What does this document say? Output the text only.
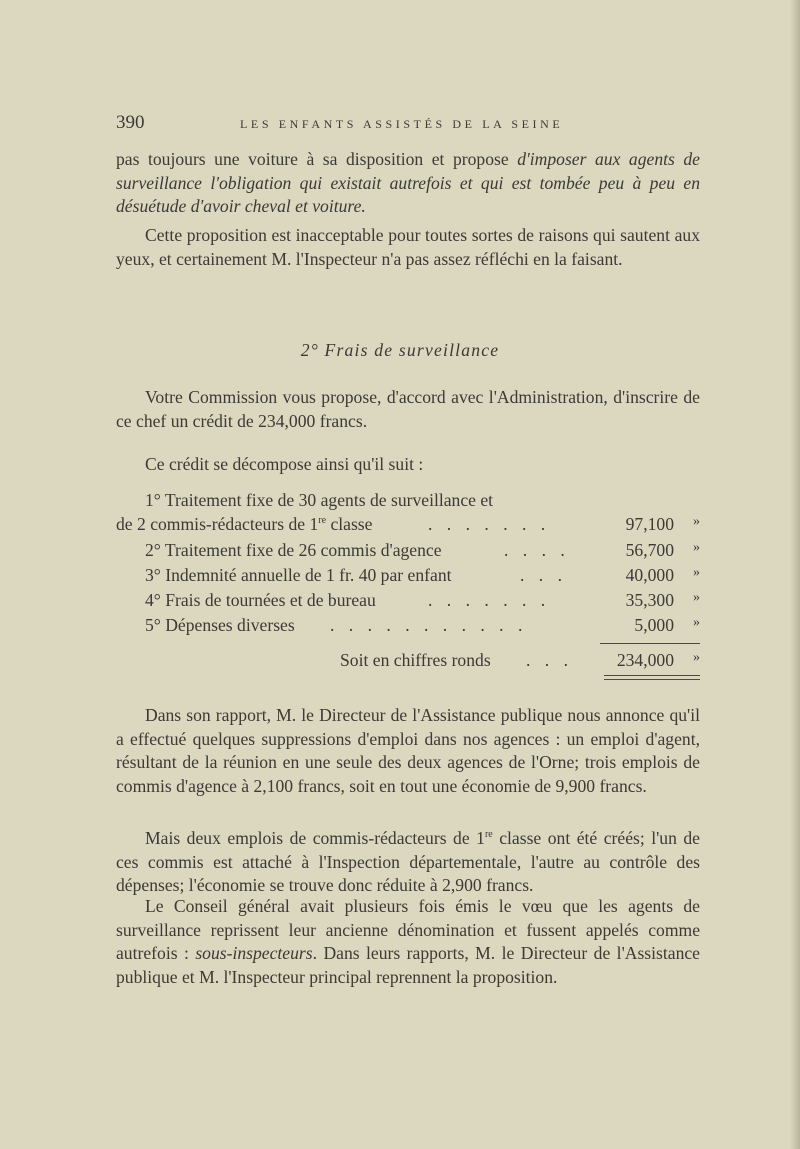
390	LES ENFANTS ASSISTÉS DE LA SEINE
pas toujours une voiture à sa disposition et propose d'imposer aux agents de surveillance l'obligation qui existait autrefois et qui est tombée peu à peu en désuétude d'avoir cheval et voiture.
Cette proposition est inacceptable pour toutes sortes de raisons qui sautent aux yeux, et certainement M. l'Inspecteur n'a pas assez réfléchi en la faisant.
2° Frais de surveillance
Votre Commission vous propose, d'accord avec l'Administration, d'inscrire de ce chef un crédit de 234,000 francs.
Ce crédit se décompose ainsi qu'il suit :
1° Traitement fixe de 30 agents de surveillance et
de 2 commis-rédacteurs de 1re classe	. . . . . . .	97,100 »
2° Traitement fixe de 26 commis d'agence	. . . .	56,700 »
3° Indemnité annuelle de 1 fr. 40 par enfant	. . .	40,000 »
4° Frais de tournées et de bureau	. . . . . . .	35,300 »
5° Dépenses diverses . . . . . . . . . . .	5,000 »
Soit en chiffres ronds . . . 234,000 »
Dans son rapport, M. le Directeur de l'Assistance publique nous annonce qu'il a effectué quelques suppressions d'emploi dans nos agences : un emploi d'agent, résultant de la réunion en une seule des deux agences de l'Orne; trois emplois de commis d'agence à 2,100 francs, soit en tout une économie de 9,900 francs.
Mais deux emplois de commis-rédacteurs de 1re classe ont été créés; l'un de ces commis est attaché à l'Inspection départementale, l'autre au contrôle des dépenses; l'économie se trouve donc réduite à 2,900 francs.
Le Conseil général avait plusieurs fois émis le vœu que les agents de surveillance reprissent leur ancienne dénomination et fussent appelés comme autrefois : sous-inspecteurs. Dans leurs rapports, M. le Directeur de l'Assistance publique et M. l'Inspecteur principal reprennent la proposition.
